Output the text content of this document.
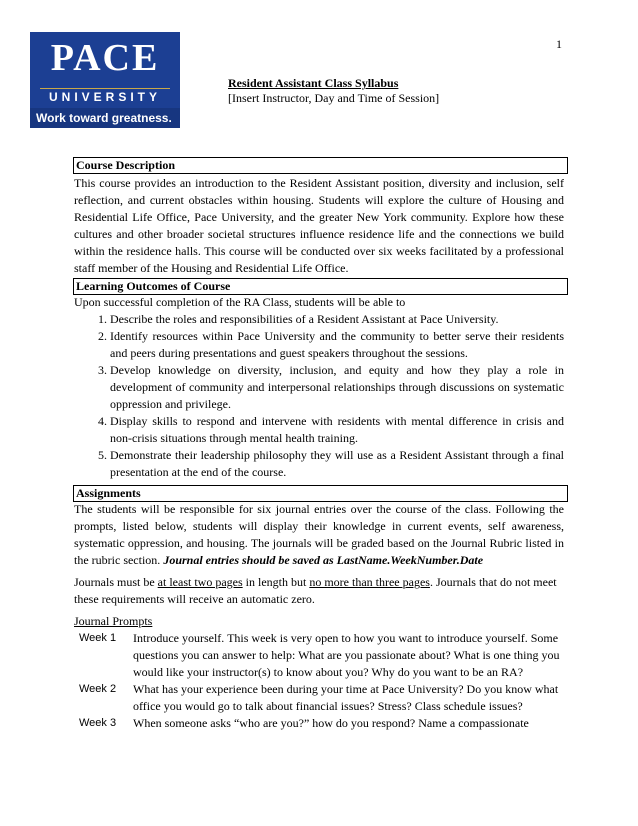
1
PACE
UNIVERSITY
Work toward greatness.
Resident Assistant Class Syllabus
[Insert Instructor, Day and Time of Session]
Course Description
This course provides an introduction to the Resident Assistant position, diversity and inclusion, self reflection, and current obstacles within housing. Students will explore the culture of Housing and Residential Life Office, Pace University, and the greater New York community. Explore how these cultures and other broader societal structures influence residence life and the connections we build within the residence halls. This course will be conducted over six weeks facilitated by a professional staff member of the Housing and Residential Life Office.
Learning Outcomes of Course
Upon successful completion of the RA Class, students will be able to
1. Describe the roles and responsibilities of a Resident Assistant at Pace University.
2. Identify resources within Pace University and the community to better serve their residents and peers during presentations and guest speakers throughout the sessions.
3. Develop knowledge on diversity, inclusion, and equity and how they play a role in development of community and interpersonal relationships through discussions on systematic oppression and privilege.
4. Display skills to respond and intervene with residents with mental difference in crisis and non-crisis situations through mental health training.
5. Demonstrate their leadership philosophy they will use as a Resident Assistant through a final presentation at the end of the course.
Assignments
The students will be responsible for six journal entries over the course of the class. Following the prompts, listed below, students will display their knowledge in current events, self awareness, systematic oppression, and housing. The journals will be graded based on the Journal Rubric listed in the rubric section. Journal entries should be saved as LastName.WeekNumber.Date
Journals must be at least two pages in length but no more than three pages. Journals that do not meet these requirements will receive an automatic zero.
Journal Prompts
Week 1	Introduce yourself. This week is very open to how you want to introduce yourself. Some questions you can answer to help: What are you passionate about? What is one thing you would like your instructor(s) to know about you? Why do you want to be an RA?
Week 2	What has your experience been during your time at Pace University? Do you know what office you would go to talk about financial issues? Stress? Class schedule issues?
Week 3	When someone asks “who are you?” how do you respond? Name a compassionate
